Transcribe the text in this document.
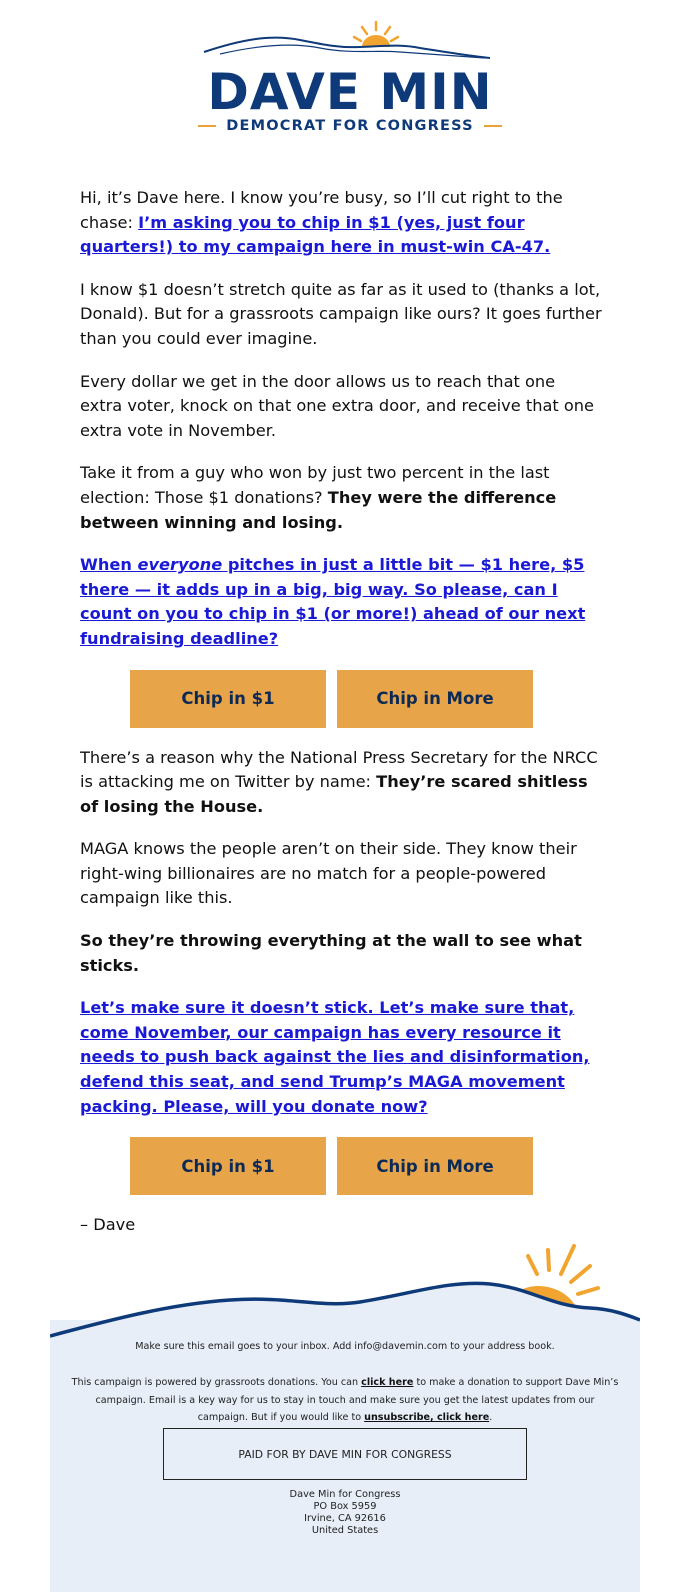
DAVE MIN
DEMOCRAT FOR CONGRESS

Hi, it’s Dave here. I know you’re busy, so I’ll cut right to the chase: I’m asking you to chip in $1 (yes, just four quarters!) to my campaign here in must-win CA-47.

I know $1 doesn’t stretch quite as far as it used to (thanks a lot, Donald). But for a grassroots campaign like ours? It goes further than you could ever imagine.

Every dollar we get in the door allows us to reach that one extra voter, knock on that one extra door, and receive that one extra vote in November.

Take it from a guy who won by just two percent in the last election: Those $1 donations? They were the difference between winning and losing.

When everyone pitches in just a little bit — $1 here, $5 there — it adds up in a big, big way. So please, can I count on you to chip in $1 (or more!) ahead of our next fundraising deadline?

Chip in $1	Chip in More

There’s a reason why the National Press Secretary for the NRCC is attacking me on Twitter by name: They’re scared shitless of losing the House.

MAGA knows the people aren’t on their side. They know their right-wing billionaires are no match for a people-powered campaign like this.

So they’re throwing everything at the wall to see what sticks.

Let’s make sure it doesn’t stick. Let’s make sure that, come November, our campaign has every resource it needs to push back against the lies and disinformation, defend this seat, and send Trump’s MAGA movement packing. Please, will you donate now?

Chip in $1	Chip in More

– Dave

Make sure this email goes to your inbox. Add info@davemin.com to your address book.
This campaign is powered by grassroots donations. You can click here to make a donation to support Dave Min’s campaign. Email is a key way for us to stay in touch and make sure you get the latest updates from our campaign. But if you would like to unsubscribe, click here.
PAID FOR BY DAVE MIN FOR CONGRESS
Dave Min for Congress
PO Box 5959
Irvine, CA 92616
United States
